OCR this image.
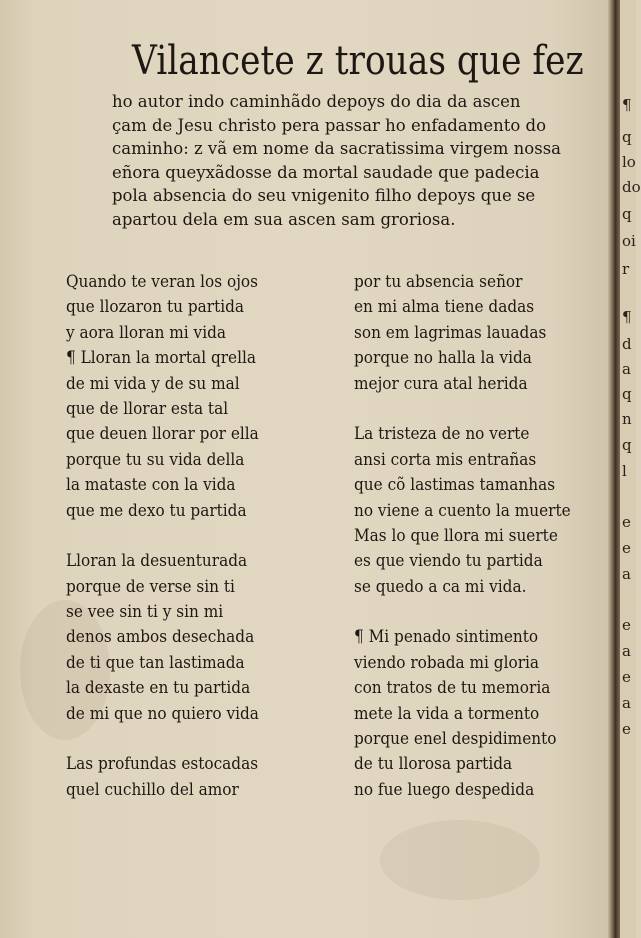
Vilancete z trouas que fez
ho autor indo caminhãdo depoys do dia da ascen
çam de Jesu christo pera passar ho enfadamento do
caminho: z vã em nome da sacratissima virgem nossa
eñora queyxãdosse da mortal saudade que padecia
pola absencia do seu vnigenito filho depoys que se
apartou dela em sua ascen sam groriosa.
Quando te veran los ojos
que llozaron tu partida
y aora lloran mi vida
¶ Lloran la mortal qrella
de mi vida y de su mal
que de llorar esta tal
que deuen llorar por ella
porque tu su vida della
la mataste con la vida
que me dexo tu partida
Lloran la desuenturada
porque de verse sin ti
se vee sin ti y sin mi
denos ambos desechada
de ti que tan lastimada
la dexaste en tu partida
de mi que no quiero vida
Las profundas estocadas
quel cuchillo del amor
por tu absencia señor
en mi alma tiene dadas
son em lagrimas lauadas
porque no halla la vida
mejor cura atal herida
La tristeza de no verte
ansi corta mis entrañas
que cõ lastimas tamanhas
no viene a cuento la muerte
Mas lo que llora mi suerte
es que viendo tu partida
se quedo a ca mi vida.
¶ Mi penado sintimento
viendo robada mi gloria
con tratos de tu memoria
mete la vida a tormento
porque enel despidimento
de tu llorosa partida
no fue luego despedida
¶
q
lo
do
q
oi
r
¶
d
a
q
n
q
l
e
e
a
e
a
e
a
e
